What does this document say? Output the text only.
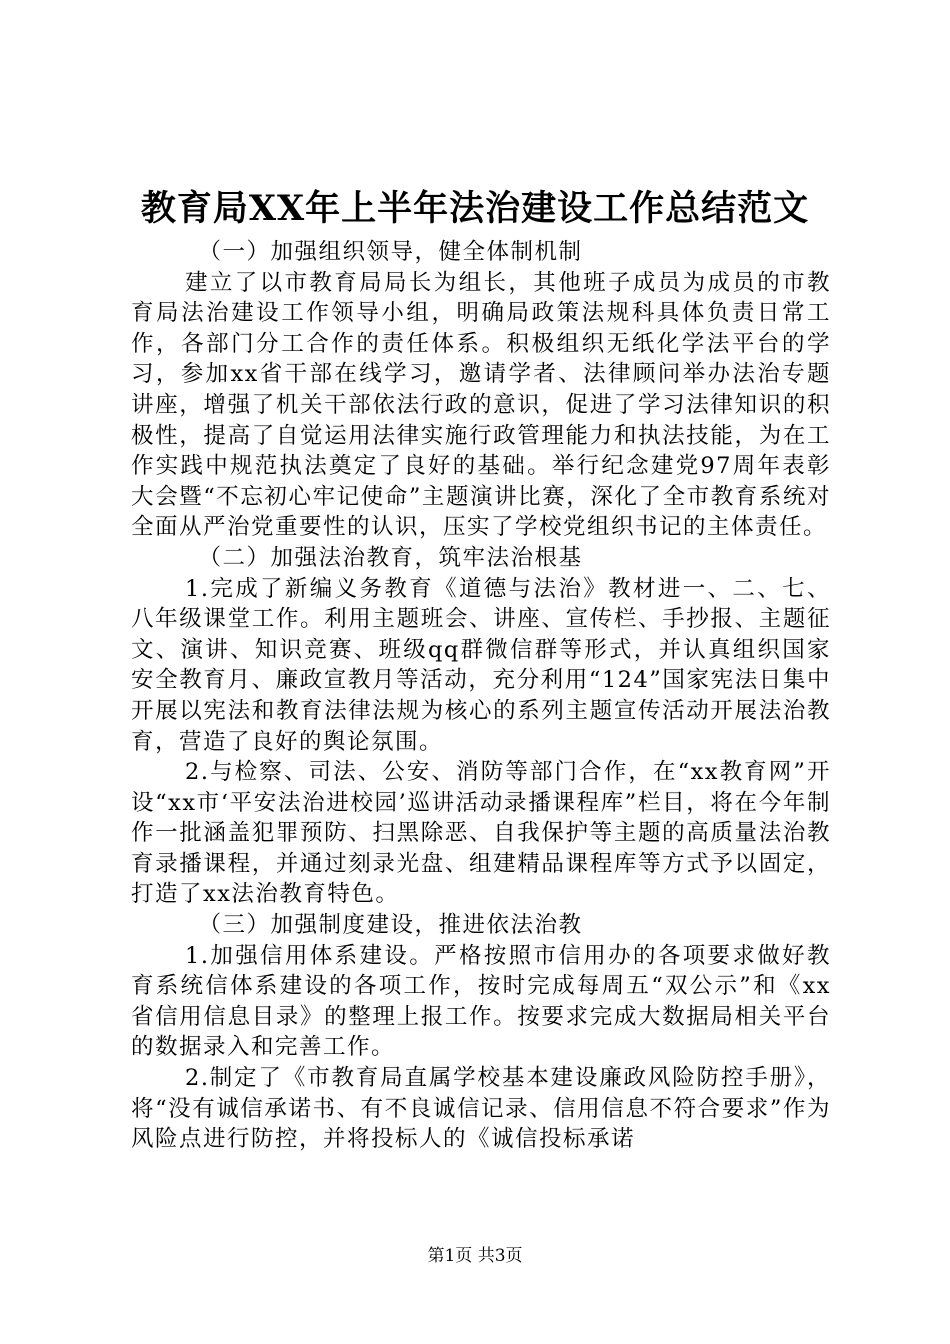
教育局XX年上半年法治建设工作总结范文

（一）加强组织领导，健全体制机制

建立了以市教育局局长为组长，其他班子成员为成员的市教育局法治建设工作领导小组，明确局政策法规科具体负责日常工作，各部门分工合作的责任体系。积极组织无纸化学法平台的学习，参加xx省干部在线学习，邀请学者、法律顾问举办法治专题讲座，增强了机关干部依法行政的意识，促进了学习法律知识的积极性，提高了自觉运用法律实施行政管理能力和执法技能，为在工作实践中规范执法奠定了良好的基础。举行纪念建党97周年表彰大会暨“不忘初心牢记使命”主题演讲比赛，深化了全市教育系统对全面从严治党重要性的认识，压实了学校党组织书记的主体责任。

（二）加强法治教育，筑牢法治根基

1.完成了新编义务教育《道德与法治》教材进一、二、七、八年级课堂工作。利用主题班会、讲座、宣传栏、手抄报、主题征文、演讲、知识竞赛、班级qq群微信群等形式，并认真组织国家安全教育月、廉政宣教月等活动，充分利用“124”国家宪法日集中开展以宪法和教育法律法规为核心的系列主题宣传活动开展法治教育，营造了良好的舆论氛围。

2.与检察、司法、公安、消防等部门合作，在“xx教育网”开设“xx市‘平安法治进校园’巡讲活动录播课程库”栏目，将在今年制作一批涵盖犯罪预防、扫黑除恶、自我保护等主题的高质量法治教育录播课程，并通过刻录光盘、组建精品课程库等方式予以固定，打造了xx法治教育特色。

（三）加强制度建设，推进依法治教

1.加强信用体系建设。严格按照市信用办的各项要求做好教育系统信体系建设的各项工作，按时完成每周五“双公示”和《xx省信用信息目录》的整理上报工作。按要求完成大数据局相关平台的数据录入和完善工作。

2.制定了《市教育局直属学校基本建设廉政风险防控手册》，将“没有诚信承诺书、有不良诚信记录、信用信息不符合要求”作为风险点进行防控，并将投标人的《诚信投标承诺

第1页 共3页
